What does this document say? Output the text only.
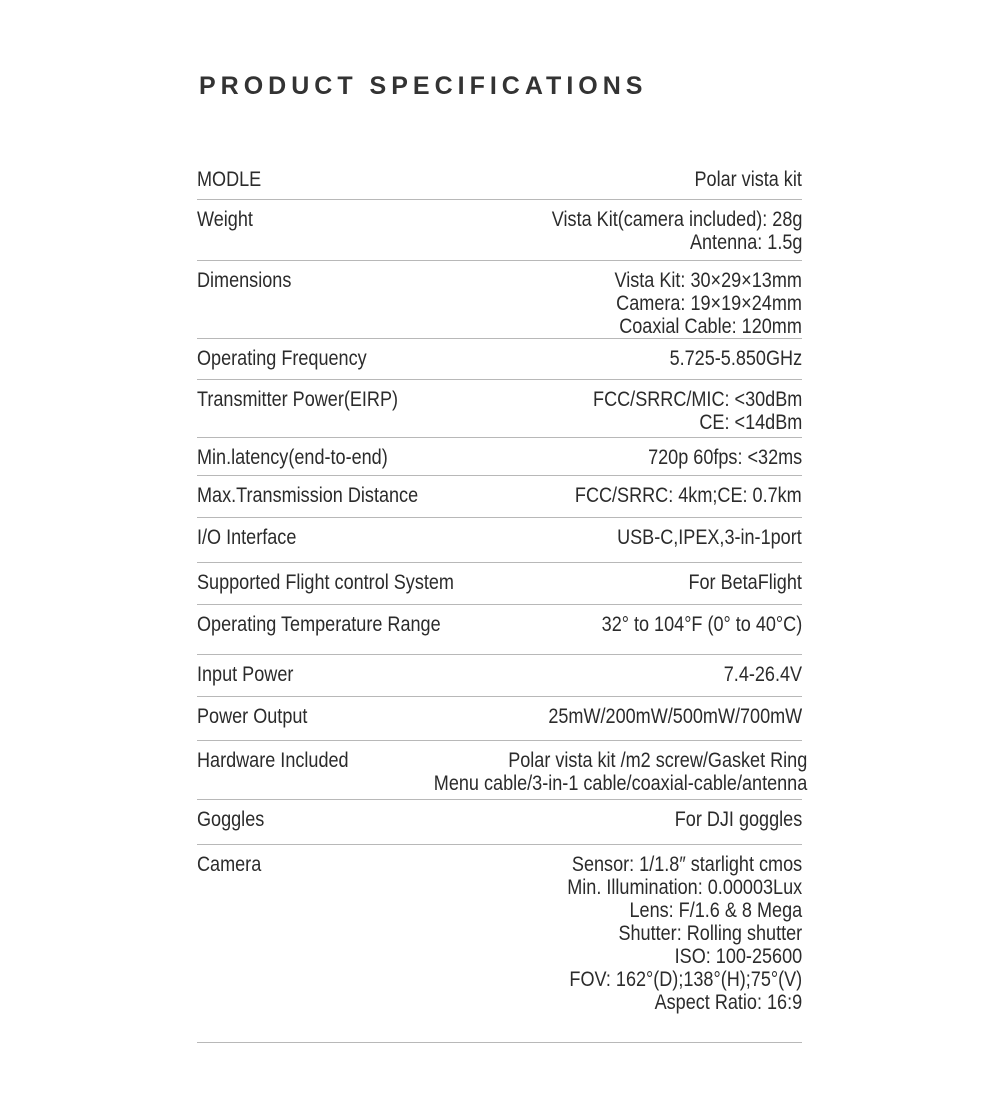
PRODUCT SPECIFICATIONS
MODLE	Polar vista kit
Weight	Vista Kit(camera included): 28g
Antenna: 1.5g
Dimensions	Vista Kit: 30×29×13mm
Camera: 19×19×24mm
Coaxial Cable: 120mm
Operating Frequency	5.725-5.850GHz
Transmitter Power(EIRP)	FCC/SRRC/MIC: <30dBm
CE: <14dBm
Min.latency(end-to-end)	720p 60fps: <32ms
Max.Transmission Distance	FCC/SRRC: 4km;CE: 0.7km
I/O Interface	USB-C,IPEX,3-in-1port
Supported Flight control System	For BetaFlight
Operating Temperature Range	32° to 104°F (0° to 40°C)
Input Power	7.4-26.4V
Power Output	25mW/200mW/500mW/700mW
Hardware Included	Polar vista kit /m2 screw/Gasket Ring
Menu cable/3-in-1 cable/coaxial-cable/antenna
Goggles	For DJI goggles
Camera	Sensor: 1/1.8″ starlight cmos
Min. Illumination: 0.00003Lux
Lens: F/1.6 & 8 Mega
Shutter: Rolling shutter
ISO: 100-25600
FOV: 162°(D);138°(H);75°(V)
Aspect Ratio: 16:9
